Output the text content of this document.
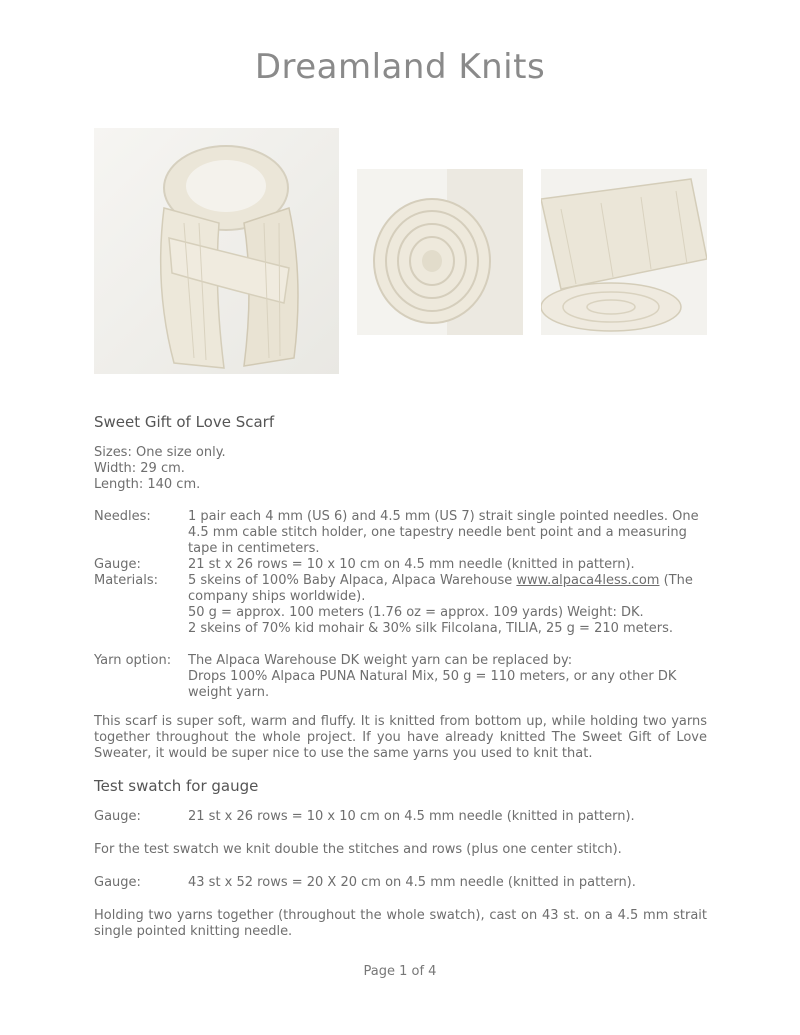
Dreamland Knits

Sweet Gift of Love Scarf

Sizes: One size only.

Width: 29 cm.

Length: 140 cm.

Needles:	1 pair each 4 mm (US 6) and 4.5 mm (US 7) strait single pointed needles. One 4.5 mm cable stitch holder, one tapestry needle bent point and a measuring tape in centimeters.
Gauge:	21 st x 26 rows = 10 x 10 cm on 4.5 mm needle (knitted in pattern).
Materials:	5 skeins of 100% Baby Alpaca, Alpaca Warehouse www.alpaca4less.com (The company ships worldwide).
50 g = approx. 100 meters (1.76 oz = approx. 109 yards) Weight: DK.
2 skeins of 70% kid mohair & 30% silk Filcolana, TILIA, 25 g = 210 meters.
Yarn option:	The Alpaca Warehouse DK weight yarn can be replaced by:
Drops 100% Alpaca PUNA Natural Mix, 50 g = 110 meters, or any other DK weight yarn.

This scarf is super soft, warm and fluffy. It is knitted from bottom up, while holding two yarns together throughout the whole project. If you have already knitted The Sweet Gift of Love Sweater, it would be super nice to use the same yarns you used to knit that.

Test swatch for gauge

Gauge:	21 st x 26 rows = 10 x 10 cm on 4.5 mm needle (knitted in pattern).

For the test swatch we knit double the stitches and rows (plus one center stitch).

Gauge:	43 st x 52 rows = 20 X 20 cm on 4.5 mm needle (knitted in pattern).

Holding two yarns together (throughout the whole swatch), cast on 43 st. on a 4.5 mm strait single pointed knitting needle.

Page 1 of 4
